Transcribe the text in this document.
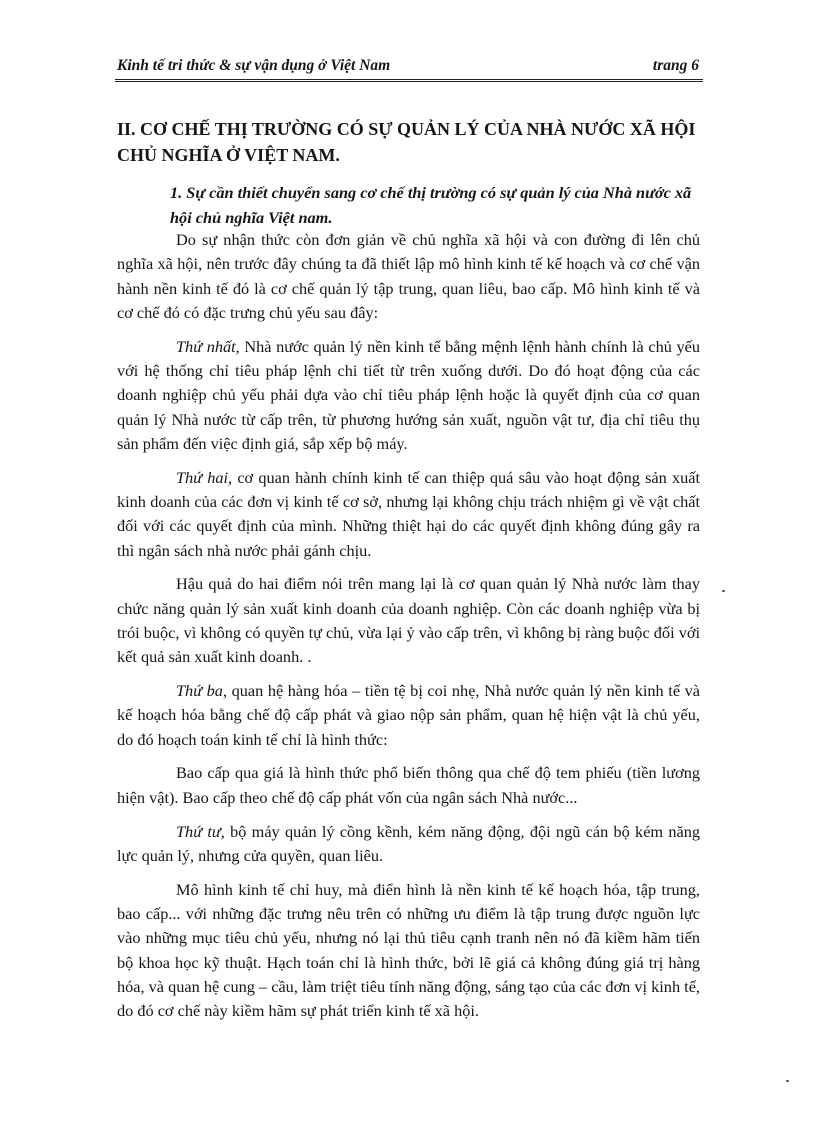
Kinh tế tri thức & sự vận dụng ở Việt Nam	trang 6
II. CƠ CHẾ THỊ TRƯỜNG CÓ SỰ QUẢN LÝ CỦA NHÀ NƯỚC XÃ HỘI CHỦ NGHĨA Ở VIỆT NAM.
1. Sự cần thiết chuyển sang cơ chế thị trường có sự quản lý của Nhà nước xã hội chủ nghĩa Việt nam.

Do sự nhận thức còn đơn giản về chủ nghĩa xã hội và con đường đi lên chủ nghĩa xã hội, nên trước đây chúng ta đã thiết lập mô hình kinh tế kế hoạch và cơ chế vận hành nền kinh tế đó là cơ chế quản lý tập trung, quan liêu, bao cấp. Mô hình kinh tế và cơ chế đó có đặc trưng chủ yếu sau đây:

Thứ nhất, Nhà nước quản lý nền kinh tế bằng mệnh lệnh hành chính là chủ yếu với hệ thống chỉ tiêu pháp lệnh chi tiết từ trên xuống dưới. Do đó hoạt động của các doanh nghiệp chủ yếu phải dựa vào chỉ tiêu pháp lệnh hoặc là quyết định của cơ quan quản lý Nhà nước từ cấp trên, từ phương hướng sản xuất, nguồn vật tư, địa chỉ tiêu thụ sản phẩm đến việc định giá, sắp xếp bộ máy.

Thứ hai, cơ quan hành chính kinh tế can thiệp quá sâu vào hoạt động sản xuất kinh doanh của các đơn vị kinh tế cơ sở, nhưng lại không chịu trách nhiệm gì về vật chất đối với các quyết định của mình. Những thiệt hại do các quyết định không đúng gây ra thì ngân sách nhà nước phải gánh chịu.

Hậu quả do hai điểm nói trên mang lại là cơ quan quản lý Nhà nước làm thay chức năng quản lý sản xuất kinh doanh của doanh nghiệp. Còn các doanh nghiệp vừa bị trói buộc, vì không có quyền tự chủ, vừa lại ỷ vào cấp trên, vì không bị ràng buộc đối với kết quả sản xuất kinh doanh. .

Thứ ba, quan hệ hàng hóa – tiền tệ bị coi nhẹ, Nhà nước quản lý nền kinh tế và kế hoạch hóa bằng chế độ cấp phát và giao nộp sản phẩm, quan hệ hiện vật là chủ yếu, do đó hoạch toán kinh tế chỉ là hình thức:

Bao cấp qua giá là hình thức phổ biến thông qua chế độ tem phiếu (tiền lương hiện vật). Bao cấp theo chế độ cấp phát vốn của ngân sách Nhà nước...

Thứ tư, bộ máy quản lý cồng kềnh, kém năng động, đội ngũ cán bộ kém năng lực quản lý, nhưng cửa quyền, quan liêu.

Mô hình kinh tế chỉ huy, mà điển hình là nền kinh tế kế hoạch hóa, tập trung, bao cấp... với những đặc trưng nêu trên có những ưu điểm là tập trung được nguồn lực vào những mục tiêu chủ yếu, nhưng nó lại thủ tiêu cạnh tranh nên nó đã kiềm hãm tiến bộ khoa học kỹ thuật. Hạch toán chỉ là hình thức, bởi lẽ giá cả không đúng giá trị hàng hóa, và quan hệ cung – cầu, làm triệt tiêu tính năng động, sáng tạo của các đơn vị kinh tế, do đó cơ chế này kiềm hãm sự phát triển kinh tế xã hội.
